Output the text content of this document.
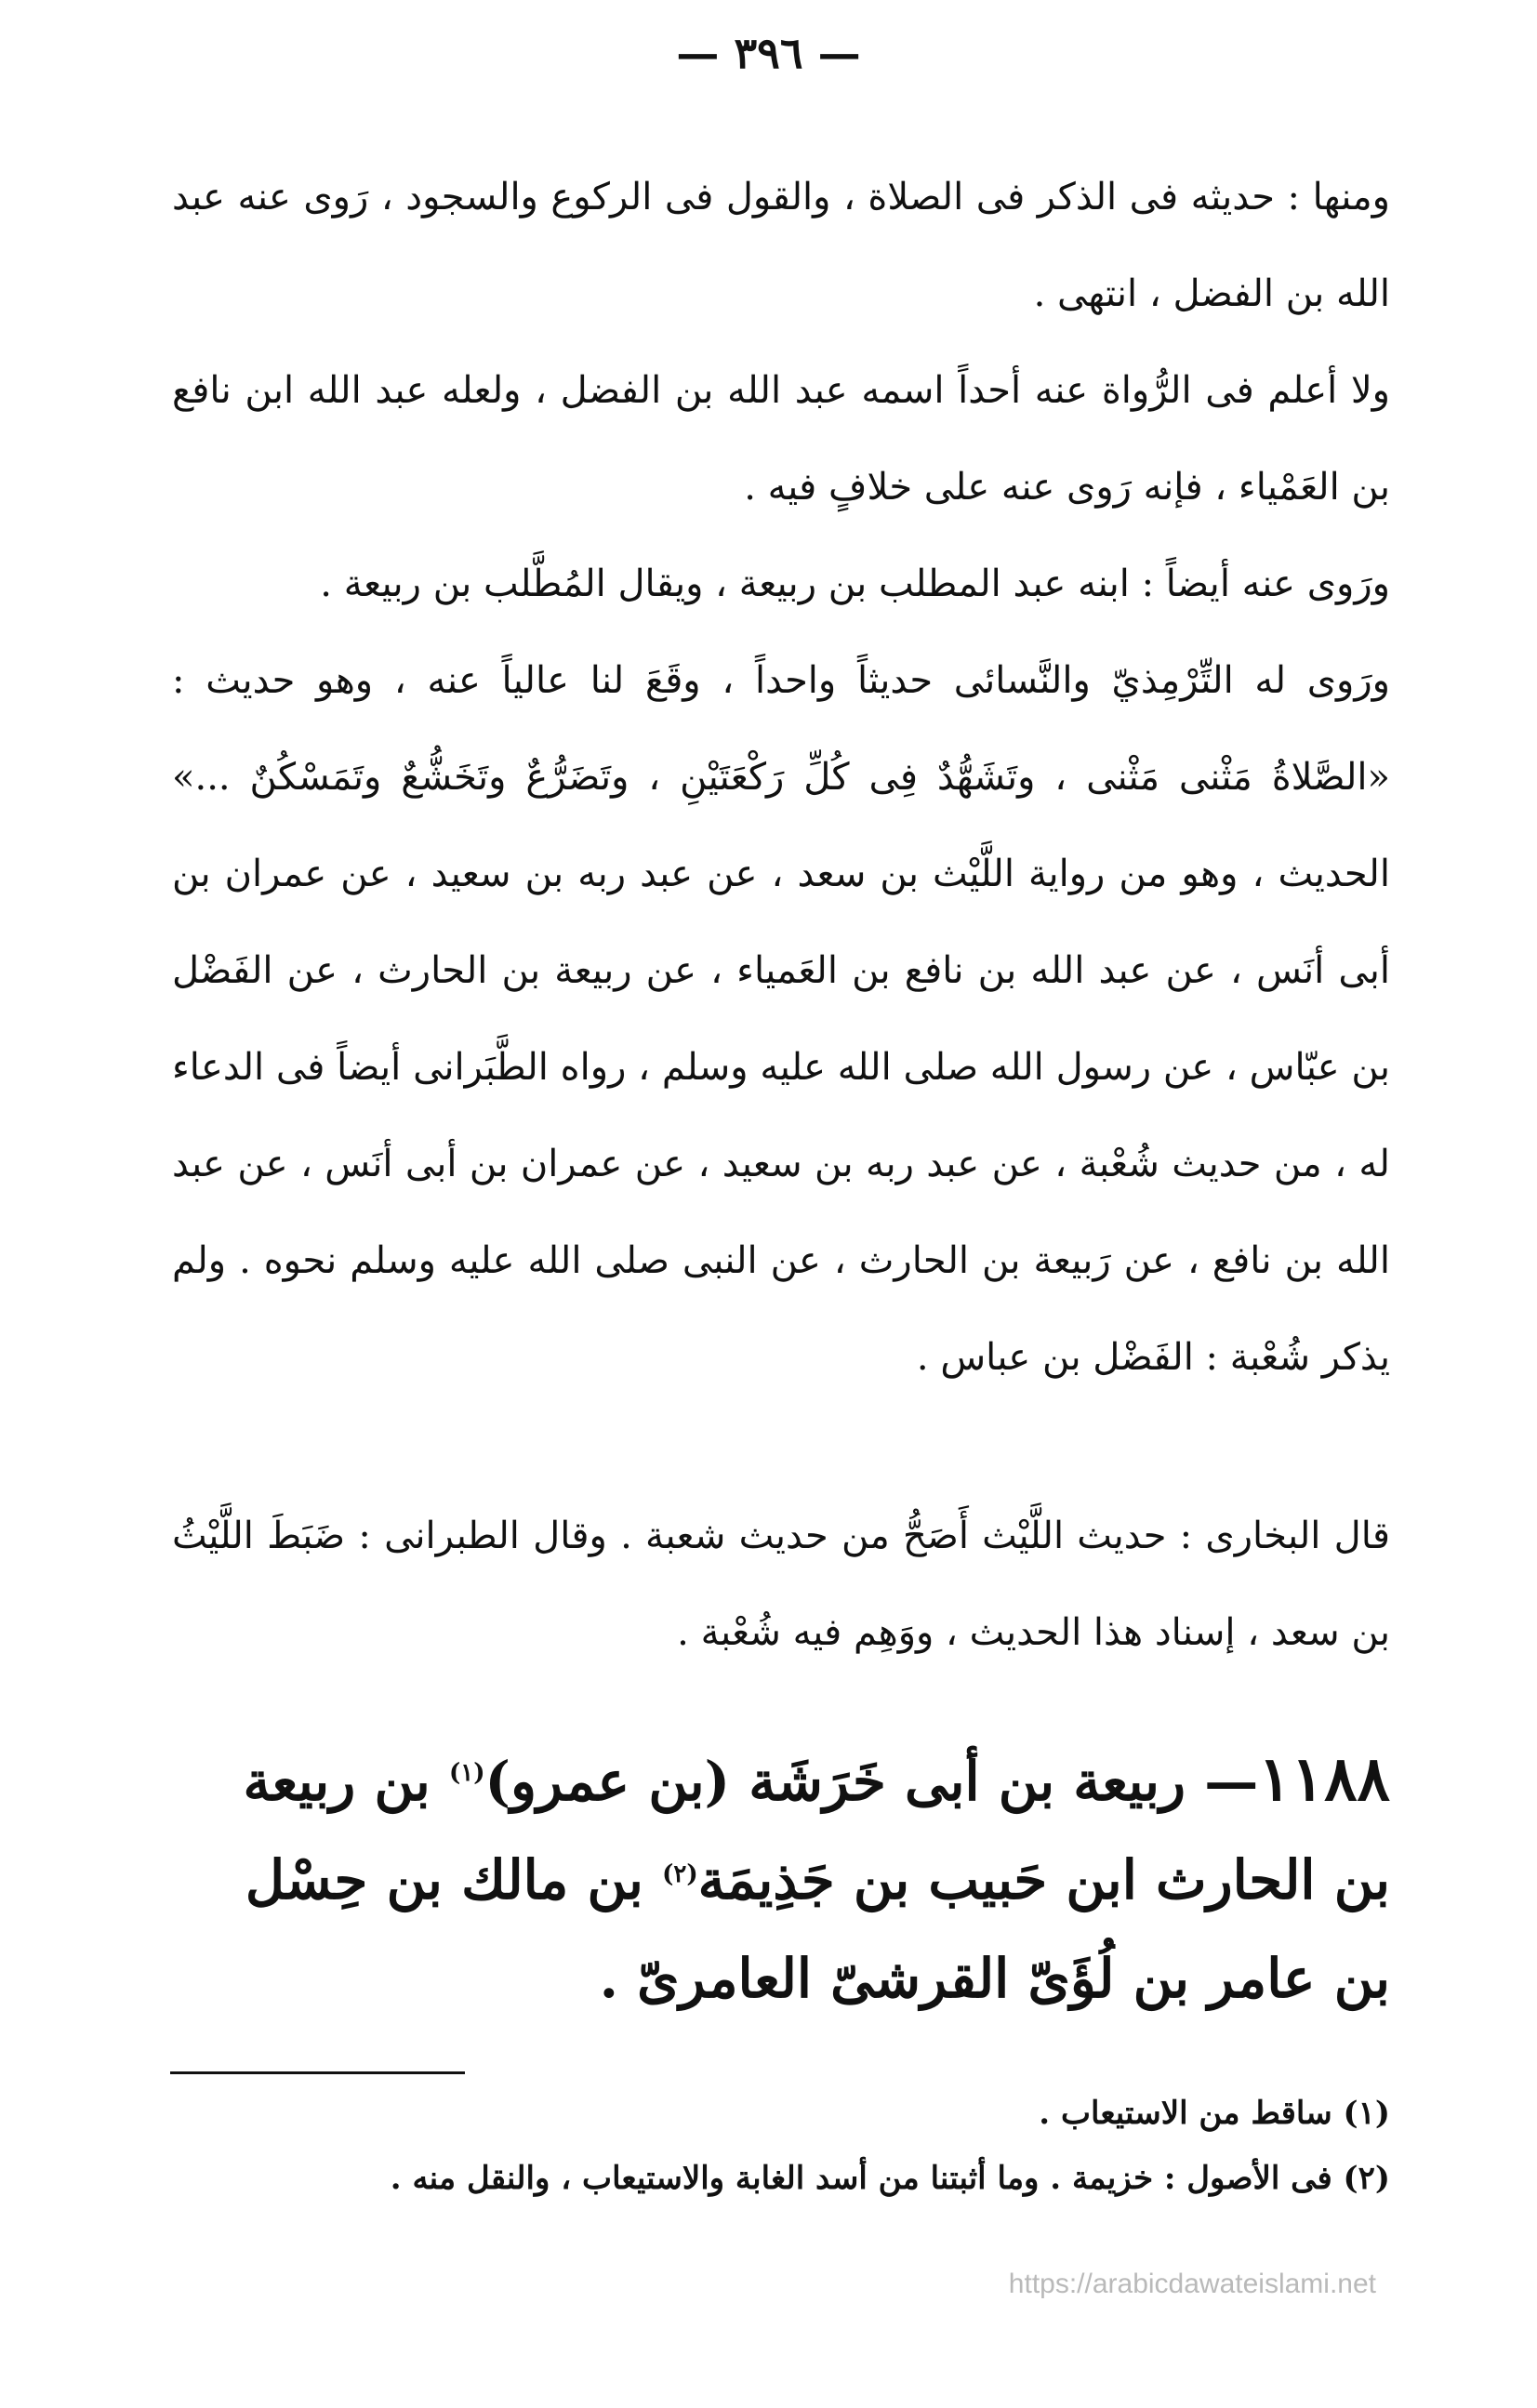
— ٣٩٦ —

ومنها : حديثه فى الذكر فى الصلاة ، والقول فى الركوع والسجود ، رَوى عنه عبد الله بن الفضل ، انتهى .

ولا أعلم فى الرُّواة عنه أحداً اسمه عبد الله بن الفضل ، ولعله عبد الله ابن نافع بن العَمْياء ، فإنه رَوى عنه على خلافٍ فيه .

ورَوى عنه أيضاً : ابنه عبد المطلب بن ربيعة ، ويقال المُطَّلب بن ربيعة .

ورَوى له التِّرْمِذيّ والنَّسائى حديثاً واحداً ، وقَعَ لنا عالياً عنه ، وهو حديث : «الصَّلاةُ مَثْنى مَثْنى ، وتَشَهُّدٌ فِى كُلِّ رَكْعَتَيْنِ ، وتَضَرُّعٌ وتَخَشُّعٌ وتَمَسْكُنٌ ...» الحديث ، وهو من رواية اللَّيْث بن سعد ، عن عبد ربه بن سعيد ، عن عمران بن أبى أنَس ، عن عبد الله بن نافع بن العَمياء ، عن ربيعة بن الحارث ، عن الفَضْل بن عبّاس ، عن رسول الله صلى الله عليه وسلم ، رواه الطَّبَرانى أيضاً فى الدعاء له ، من حديث شُعْبة ، عن عبد ربه بن سعيد ، عن عمران بن أبى أنَس ، عن عبد الله بن نافع ، عن رَبيعة بن الحارث ، عن النبى صلى الله عليه وسلم نحوه . ولم يذكر شُعْبة : الفَضْل بن عباس .

قال البخارى : حديث اللَّيْث أَصَحُّ من حديث شعبة . وقال الطبرانى : ضَبَطَ اللَّيْثُ بن سعد ، إسناد هذا الحديث ، ووَهِم فيه شُعْبة .

١١٨٨— ربيعة بن أبى خَرَشَة (بن عمرو)$^{(١)}$ بن ربيعة بن الحارث ابن حَبيب بن جَذِيمَة$^{(٢)}$ بن مالك بن حِسْل بن عامر بن لُؤَىّ القرشىّ العامرىّ .

(١) ساقط من الاستيعاب .

(٢) فى الأصول : خزيمة . وما أثبتنا من أسد الغابة والاستيعاب ، والنقل منه .

https://arabicdawateislami.net
